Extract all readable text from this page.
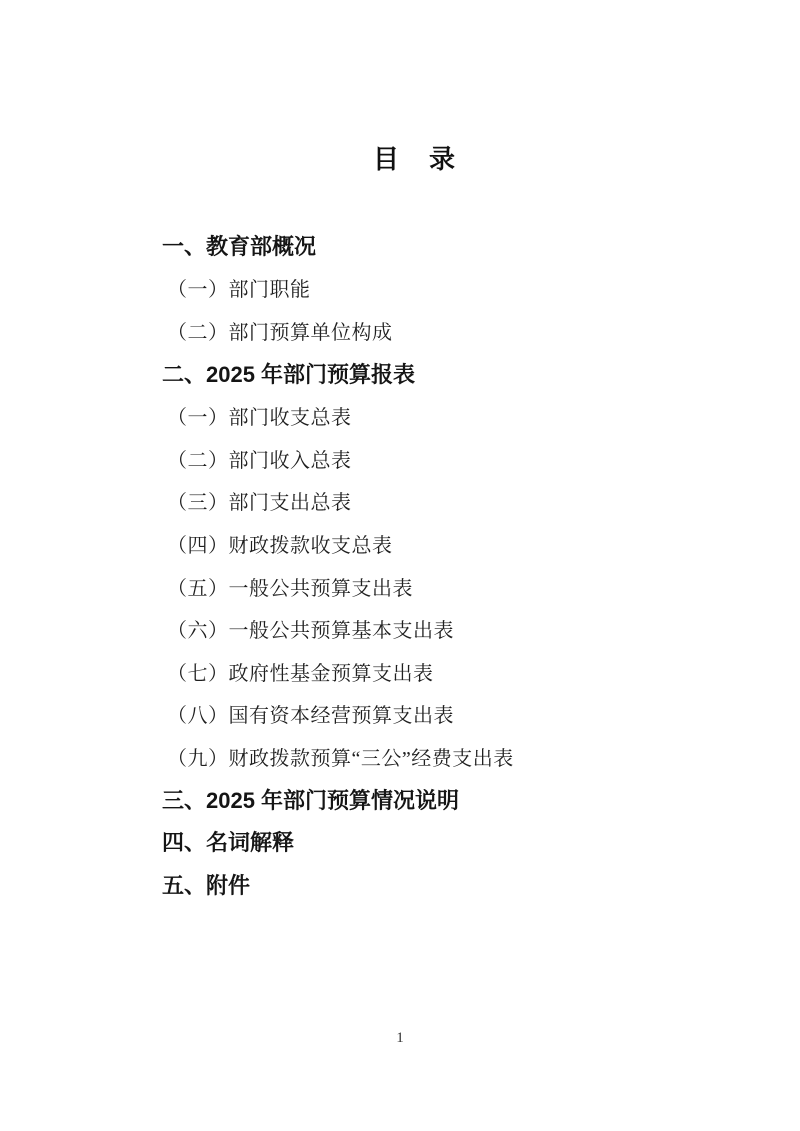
目　录
一、教育部概况
（一）部门职能
（二）部门预算单位构成
二、2025 年部门预算报表
（一）部门收支总表
（二）部门收入总表
（三）部门支出总表
（四）财政拨款收支总表
（五）一般公共预算支出表
（六）一般公共预算基本支出表
（七）政府性基金预算支出表
（八）国有资本经营预算支出表
（九）财政拨款预算“三公”经费支出表
三、2025 年部门预算情况说明
四、名词解释
五、附件
1
